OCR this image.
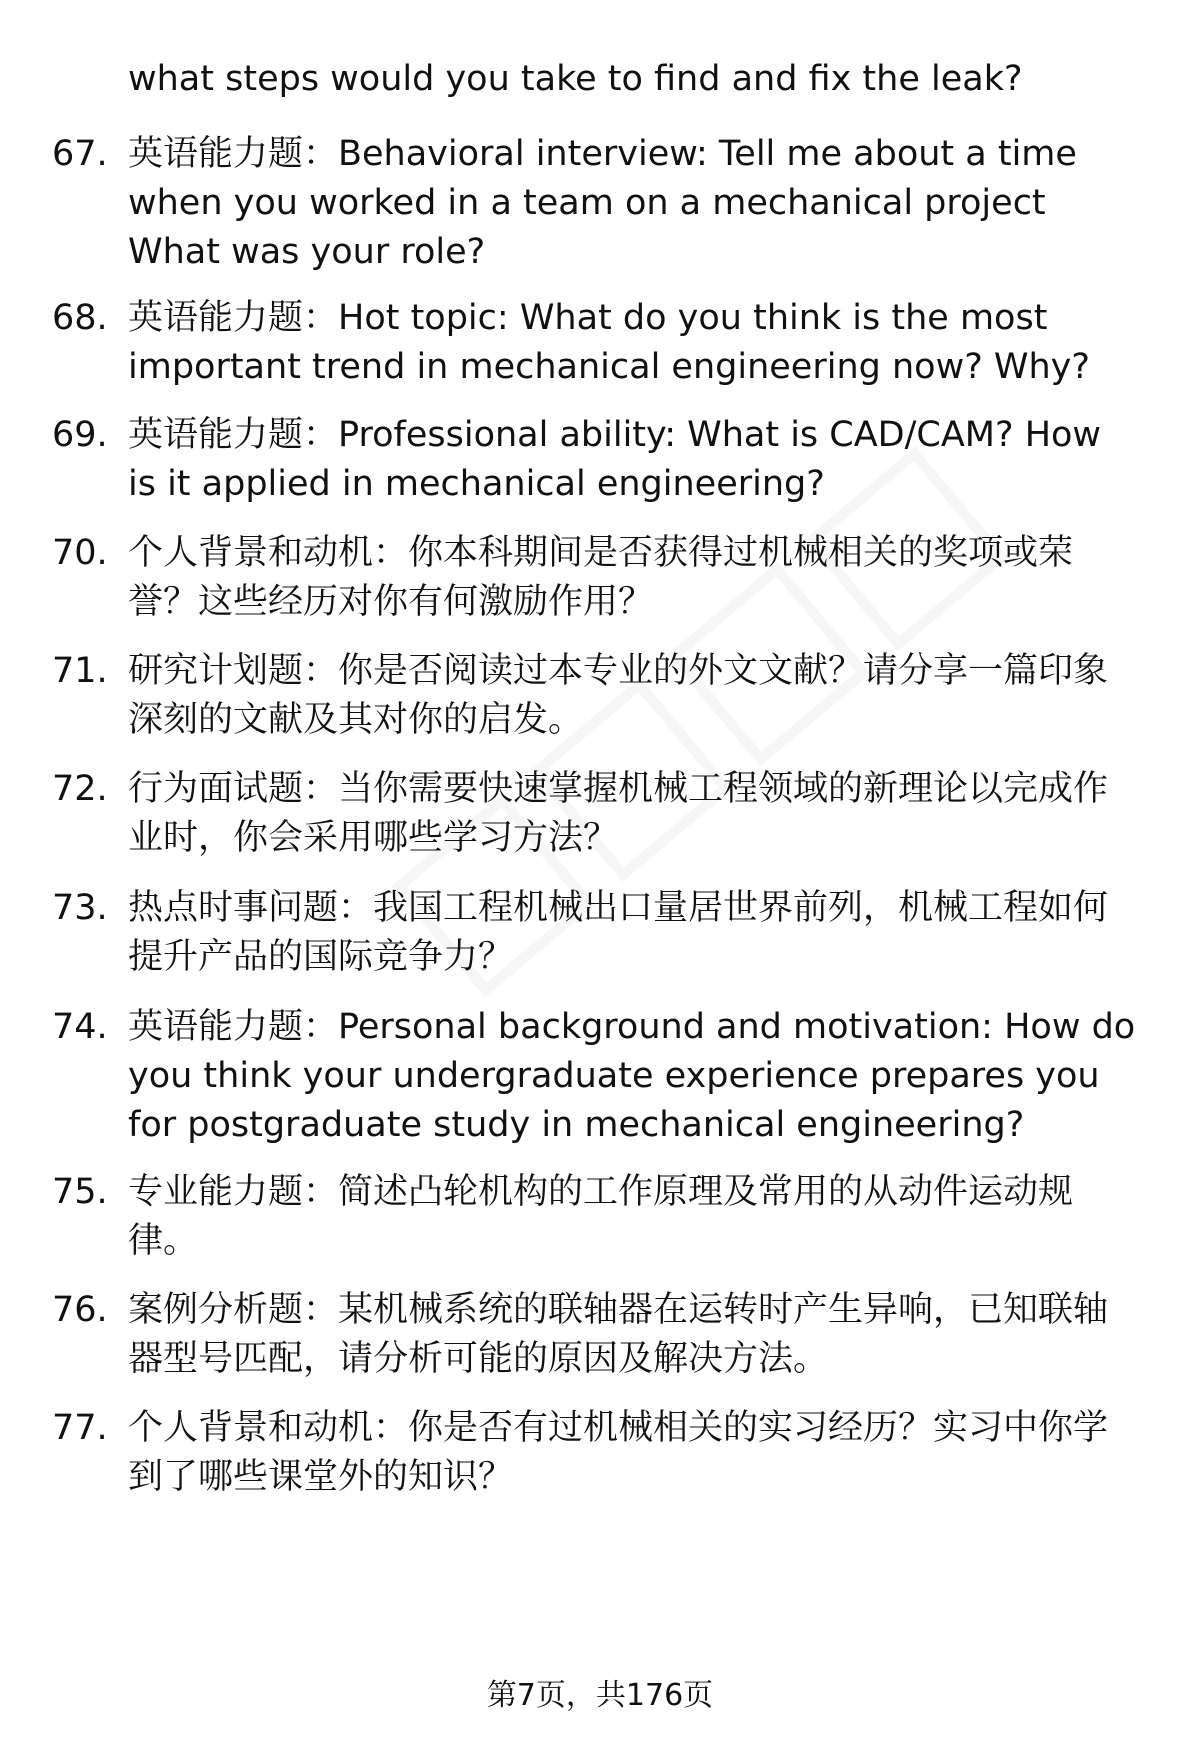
what steps would you take to find and fix the leak?
67. 英语能力题：Behavioral interview: Tell me about a time when you worked in a team on a mechanical project What was your role?
68. 英语能力题：Hot topic: What do you think is the most important trend in mechanical engineering now? Why?
69. 英语能力题：Professional ability: What is CAD/CAM? How is it applied in mechanical engineering?
70. 个人背景和动机：你本科期间是否获得过机械相关的奖项或荣誉？这些经历对你有何激励作用？
71. 研究计划题：你是否阅读过本专业的外文文献？请分享一篇印象深刻的文献及其对你的启发。
72. 行为面试题：当你需要快速掌握机械工程领域的新理论以完成作业时，你会采用哪些学习方法？
73. 热点时事问题：我国工程机械出口量居世界前列，机械工程如何提升产品的国际竞争力？
74. 英语能力题：Personal background and motivation: How do you think your undergraduate experience prepares you for postgraduate study in mechanical engineering?
75. 专业能力题：简述凸轮机构的工作原理及常用的从动件运动规律。
76. 案例分析题：某机械系统的联轴器在运转时产生异响，已知联轴器型号匹配，请分析可能的原因及解决方法。
77. 个人背景和动机：你是否有过机械相关的实习经历？实习中你学到了哪些课堂外的知识？
第7页，共176页
